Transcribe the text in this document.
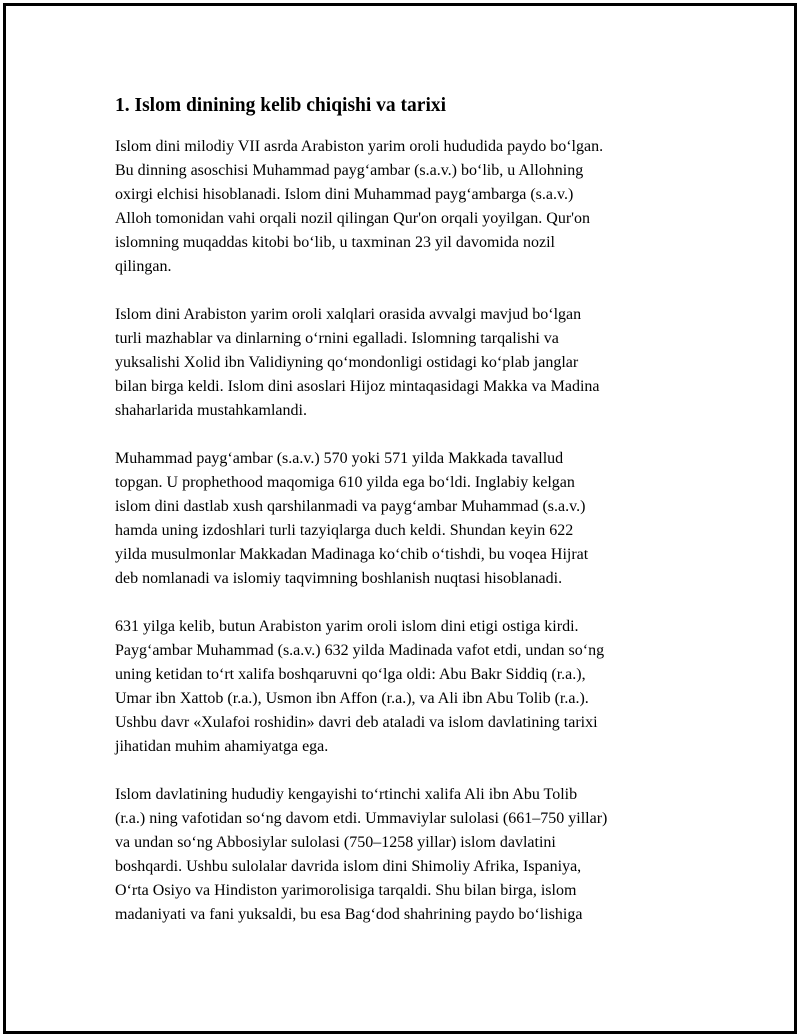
1. Islom dinining kelib chiqishi va tarixi

Islom dini milodiy VII asrda Arabiston yarim oroli hududida paydo bo‘lgan.
Bu dinning asoschisi Muhammad payg‘ambar (s.a.v.) bo‘lib, u Allohning
oxirgi elchisi hisoblanadi. Islom dini Muhammad payg‘ambarga (s.a.v.)
Alloh tomonidan vahi orqali nozil qilingan Qur'on orqali yoyilgan. Qur'on
islomning muqaddas kitobi bo‘lib, u taxminan 23 yil davomida nozil
qilingan.

Islom dini Arabiston yarim oroli xalqlari orasida avvalgi mavjud bo‘lgan
turli mazhablar va dinlarning o‘rnini egalladi. Islomning tarqalishi va
yuksalishi Xolid ibn Validiyning qo‘mondonligi ostidagi ko‘plab janglar
bilan birga keldi. Islom dini asoslari Hijoz mintaqasidagi Makka va Madina
shaharlarida mustahkamlandi.

Muhammad payg‘ambar (s.a.v.) 570 yoki 571 yilda Makkada tavallud
topgan. U prophethood maqomiga 610 yilda ega bo‘ldi. Inglabiy kelgan
islom dini dastlab xush qarshilanmadi va payg‘ambar Muhammad (s.a.v.)
hamda uning izdoshlari turli tazyiqlarga duch keldi. Shundan keyin 622
yilda musulmonlar Makkadan Madinaga ko‘chib o‘tishdi, bu voqea Hijrat
deb nomlanadi va islomiy taqvimning boshlanish nuqtasi hisoblanadi.

631 yilga kelib, butun Arabiston yarim oroli islom dini etigi ostiga kirdi.
Payg‘ambar Muhammad (s.a.v.) 632 yilda Madinada vafot etdi, undan so‘ng
uning ketidan to‘rt xalifa boshqaruvni qo‘lga oldi: Abu Bakr Siddiq (r.a.),
Umar ibn Xattob (r.a.), Usmon ibn Affon (r.a.), va Ali ibn Abu Tolib (r.a.).
Ushbu davr «Xulafoi roshidin» davri deb ataladi va islom davlatining tarixi
jihatidan muhim ahamiyatga ega.

Islom davlatining hududiy kengayishi to‘rtinchi xalifa Ali ibn Abu Tolib
(r.a.) ning vafotidan so‘ng davom etdi. Ummaviylar sulolasi (661–750 yillar)
va undan so‘ng Abbosiylar sulolasi (750–1258 yillar) islom davlatini
boshqardi. Ushbu sulolalar davrida islom dini Shimoliy Afrika, Ispaniya,
O‘rta Osiyo va Hindiston yarimorolisiga tarqaldi. Shu bilan birga, islom
madaniyati va fani yuksaldi, bu esa Bag‘dod shahrining paydo bo‘lishiga
